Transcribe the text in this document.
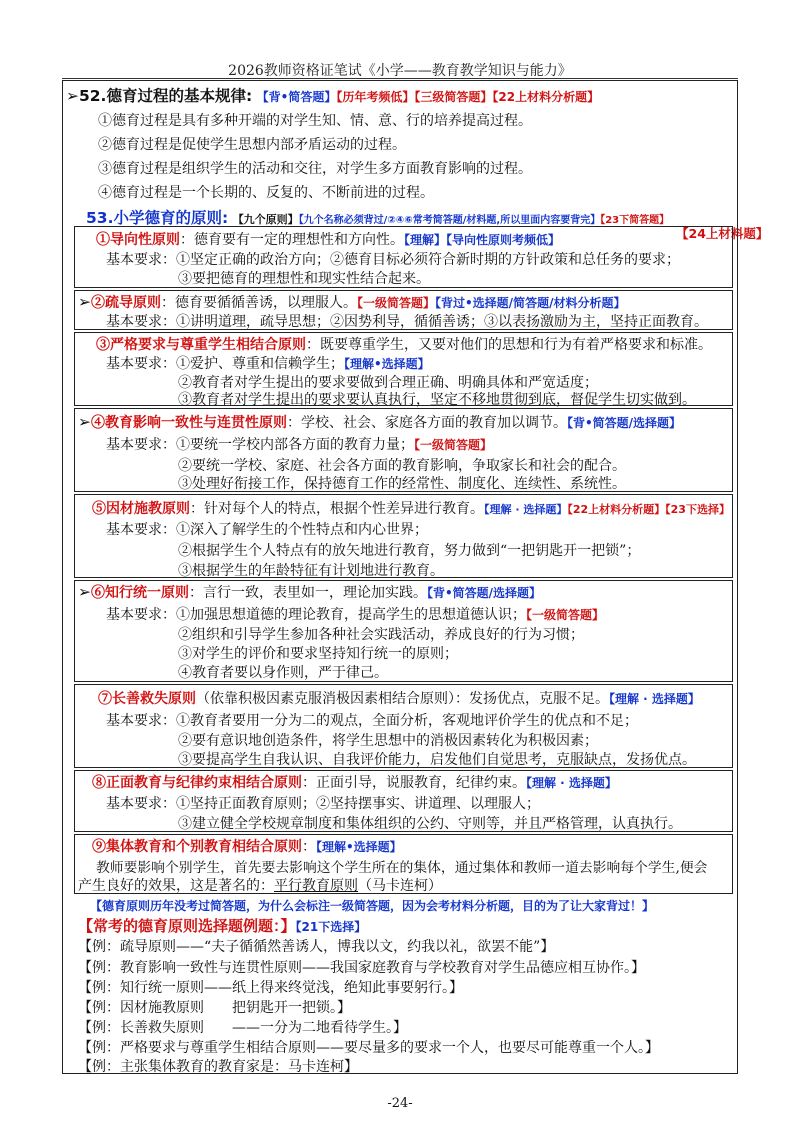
2026教师资格证笔试《小学——教育教学知识与能力》
➢52.德育过程的基本规律: 【背•简答题】【历年考频低】【三级简答题】【22上材料分析题】
①德育过程是具有多种开端的对学生知、情、意、行的培养提高过程。
②德育过程是促使学生思想内部矛盾运动的过程。
③德育过程是组织学生的活动和交往，对学生多方面教育影响的过程。
④德育过程是一个长期的、反复的、不断前进的过程。
53.小学德育的原则: 【九个原则】【九个名称必须背过/②④⑥常考简答题/材料题,所以里面内容要背完】【23下简答题】
【24上材料题】
①导向性原则：德育要有一定的理想性和方向性。【理解】【导向性原则考频低】
基本要求：①坚定正确的政治方向；②德育目标必须符合新时期的方针政策和总任务的要求；
③要把德育的理想性和现实性结合起来。
➢②疏导原则：德育要循循善诱，以理服人。【一级简答题】【背过•选择题/简答题/材料分析题】
基本要求：①讲明道理，疏导思想；②因势利导，循循善诱；③以表扬激励为主，坚持正面教育。
③严格要求与尊重学生相结合原则：既要尊重学生，又要对他们的思想和行为有着严格要求和标准。
基本要求：①爱护、尊重和信赖学生；【理解•选择题】
②教育者对学生提出的要求要做到合理正确、明确具体和严宽适度；
③教育者对学生提出的要求要认真执行，坚定不移地贯彻到底，督促学生切实做到。
➢④教育影响一致性与连贯性原则：学校、社会、家庭各方面的教育加以调节。【背•简答题/选择题】
基本要求：①要统一学校内部各方面的教育力量；【一级简答题】
②要统一学校、家庭、社会各方面的教育影响，争取家长和社会的配合。
③处理好衔接工作，保持德育工作的经常性、制度化、连续性、系统性。
⑤因材施教原则：针对每个人的特点，根据个性差异进行教育。【理解 · 选择题】【22上材料分析题】【23下选择】
基本要求：①深入了解学生的个性特点和内心世界；
②根据学生个人特点有的放矢地进行教育，努力做到“一把钥匙开一把锁”；
③根据学生的年龄特征有计划地进行教育。
➢⑥知行统一原则：言行一致，表里如一，理论加实践。【背•简答题/选择题】
基本要求：①加强思想道德的理论教育，提高学生的思想道德认识；【一级简答题】
②组织和引导学生参加各种社会实践活动，养成良好的行为习惯；
③对学生的评价和要求坚持知行统一的原则；
④教育者要以身作则，严于律己。
⑦长善救失原则（依靠积极因素克服消极因素相结合原则）：发扬优点，克服不足。【理解 · 选择题】
基本要求：①教育者要用一分为二的观点，全面分析，客观地评价学生的优点和不足；
②要有意识地创造条件，将学生思想中的消极因素转化为积极因素；
③要提高学生自我认识、自我评价能力，启发他们自觉思考，克服缺点，发扬优点。
⑧正面教育与纪律约束相结合原则：正面引导，说服教育，纪律约束。【理解 · 选择题】
基本要求：①坚持正面教育原则；②坚持摆事实、讲道理、以理服人；
③建立健全学校规章制度和集体组织的公约、守则等，并且严格管理，认真执行。
⑨集体教育和个别教育相结合原则：【理解•选择题】
教师要影响个别学生，首先要去影响这个学生所在的集体，通过集体和教师一道去影响每个学生,便会
产生良好的效果，这是著名的：平行教育原则（马卡连柯）
【德育原则历年没考过简答题，为什么会标注一级简答题，因为会考材料分析题，目的为了让大家背过！】
【常考的德育原则选择题例题：】【21下选择】
【例：疏导原则——“夫子循循然善诱人，博我以文，约我以礼，欲罢不能”】
【例：教育影响一致性与连贯性原则——我国家庭教育与学校教育对学生品德应相互协作。】
【例：知行统一原则——纸上得来终觉浅，绝知此事要躬行。】
【例：因材施教原则　　把钥匙开一把锁。】
【例：长善救失原则　　——一分为二地看待学生。】
【例：严格要求与尊重学生相结合原则——要尽量多的要求一个人，也要尽可能尊重一个人。】
【例：主张集体教育的教育家是：马卡连柯】
-24-
